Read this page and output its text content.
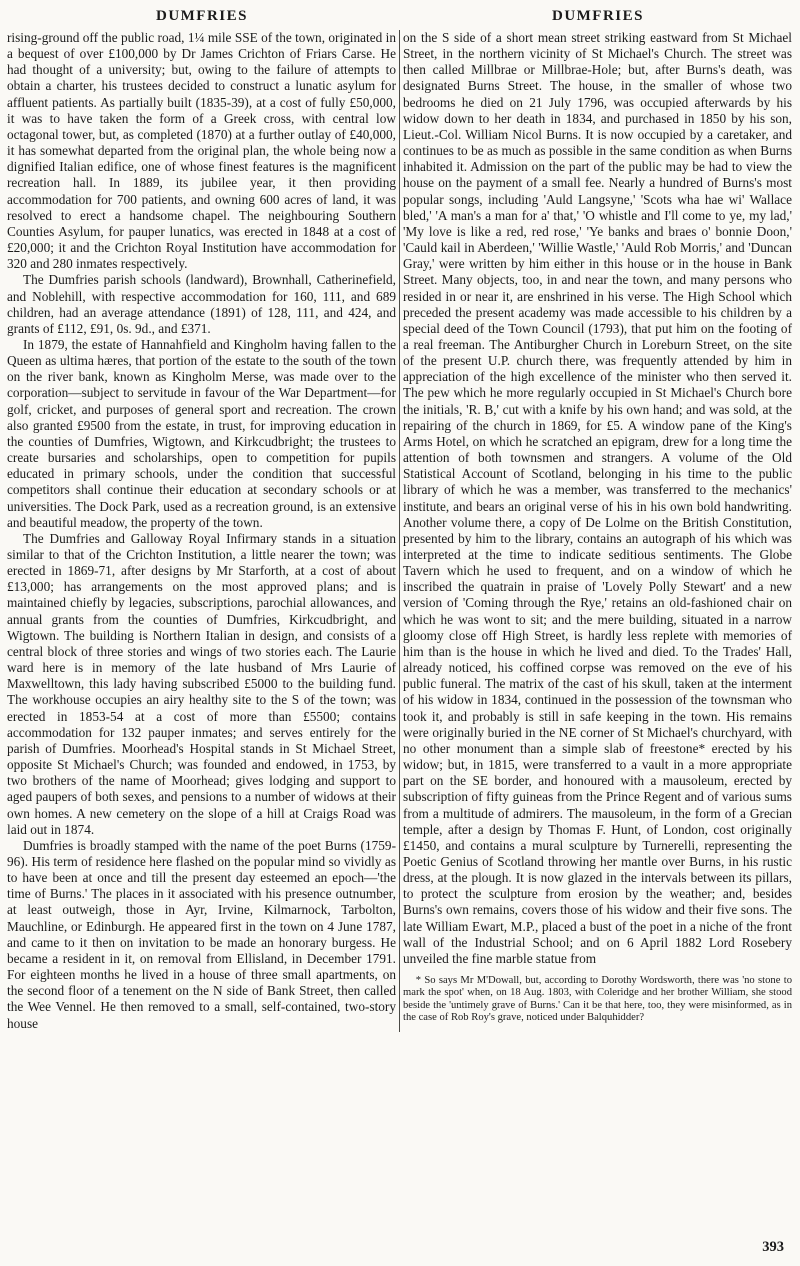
DUMFRIES	DUMFRIES

rising-ground off the public road, 1¼ mile SSE of the town, originated in a bequest of over £100,000 by Dr James Crichton of Friars Carse. He had thought of a university; but, owing to the failure of attempts to obtain a charter, his trustees decided to construct a lunatic asylum for affluent patients. As partially built (1835-39), at a cost of fully £50,000, it was to have taken the form of a Greek cross, with central low octagonal tower, but, as completed (1870) at a further outlay of £40,000, it has somewhat departed from the original plan, the whole being now a dignified Italian edifice, one of whose finest features is the magnificent recreation hall. In 1889, its jubilee year, it then providing accommodation for 700 patients, and owning 600 acres of land, it was resolved to erect a handsome chapel. The neighbouring Southern Counties Asylum, for pauper lunatics, was erected in 1848 at a cost of £20,000; it and the Crichton Royal Institution have accommodation for 320 and 280 inmates respectively.

The Dumfries parish schools (landward), Brownhall, Catherinefield, and Noblehill, with respective accommodation for 160, 111, and 689 children, had an average attendance (1891) of 128, 111, and 424, and grants of £112, £91, 0s. 9d., and £371.

In 1879, the estate of Hannahfield and Kingholm having fallen to the Queen as ultima hæres, that portion of the estate to the south of the town on the river bank, known as Kingholm Merse, was made over to the corporation—subject to servitude in favour of the War Department—for golf, cricket, and purposes of general sport and recreation. The crown also granted £9500 from the estate, in trust, for improving education in the counties of Dumfries, Wigtown, and Kirkcudbright; the trustees to create bursaries and scholarships, open to competition for pupils educated in primary schools, under the condition that successful competitors shall continue their education at secondary schools or at universities. The Dock Park, used as a recreation ground, is an extensive and beautiful meadow, the property of the town.

The Dumfries and Galloway Royal Infirmary stands in a situation similar to that of the Crichton Institution, a little nearer the town; was erected in 1869-71, after designs by Mr Starforth, at a cost of about £13,000; has arrangements on the most approved plans; and is maintained chiefly by legacies, subscriptions, parochial allowances, and annual grants from the counties of Dumfries, Kirkcudbright, and Wigtown. The building is Northern Italian in design, and consists of a central block of three stories and wings of two stories each. The Laurie ward here is in memory of the late husband of Mrs Laurie of Maxwelltown, this lady having subscribed £5000 to the building fund. The workhouse occupies an airy healthy site to the S of the town; was erected in 1853-54 at a cost of more than £5500; contains accommodation for 132 pauper inmates; and serves entirely for the parish of Dumfries. Moorhead's Hospital stands in St Michael Street, opposite St Michael's Church; was founded and endowed, in 1753, by two brothers of the name of Moorhead; gives lodging and support to aged paupers of both sexes, and pensions to a number of widows at their own homes. A new cemetery on the slope of a hill at Craigs Road was laid out in 1874.

Dumfries is broadly stamped with the name of the poet Burns (1759-96). His term of residence here flashed on the popular mind so vividly as to have been at once and till the present day esteemed an epoch—'the time of Burns.' The places in it associated with his presence outnumber, at least outweigh, those in Ayr, Irvine, Kilmarnock, Tarbolton, Mauchline, or Edinburgh. He appeared first in the town on 4 June 1787, and came to it then on invitation to be made an honorary burgess. He became a resident in it, on removal from Ellisland, in December 1791. For eighteen months he lived in a house of three small apartments, on the second floor of a tenement on the N side of Bank Street, then called the Wee Vennel. He then removed to a small, self-contained, two-story house

on the S side of a short mean street striking eastward from St Michael Street, in the northern vicinity of St Michael's Church. The street was then called Millbrae or Millbrae-Hole; but, after Burns's death, was designated Burns Street. The house, in the smaller of whose two bedrooms he died on 21 July 1796, was occupied afterwards by his widow down to her death in 1834, and purchased in 1850 by his son, Lieut.-Col. William Nicol Burns. It is now occupied by a caretaker, and continues to be as much as possible in the same condition as when Burns inhabited it. Admission on the part of the public may be had to view the house on the payment of a small fee. Nearly a hundred of Burns's most popular songs, including 'Auld Langsyne,' 'Scots wha hae wi' Wallace bled,' 'A man's a man for a' that,' 'O whistle and I'll come to ye, my lad,' 'My love is like a red, red rose,' 'Ye banks and braes o' bonnie Doon,' 'Cauld kail in Aberdeen,' 'Willie Wastle,' 'Auld Rob Morris,' and 'Duncan Gray,' were written by him either in this house or in the house in Bank Street. Many objects, too, in and near the town, and many persons who resided in or near it, are enshrined in his verse. The High School which preceded the present academy was made accessible to his children by a special deed of the Town Council (1793), that put him on the footing of a real freeman. The Antiburgher Church in Loreburn Street, on the site of the present U.P. church there, was frequently attended by him in appreciation of the high excellence of the minister who then served it. The pew which he more regularly occupied in St Michael's Church bore the initials, 'R. B,' cut with a knife by his own hand; and was sold, at the repairing of the church in 1869, for £5. A window pane of the King's Arms Hotel, on which he scratched an epigram, drew for a long time the attention of both townsmen and strangers. A volume of the Old Statistical Account of Scotland, belonging in his time to the public library of which he was a member, was transferred to the mechanics' institute, and bears an original verse of his in his own bold handwriting. Another volume there, a copy of De Lolme on the British Constitution, presented by him to the library, contains an autograph of his which was interpreted at the time to indicate seditious sentiments. The Globe Tavern which he used to frequent, and on a window of which he inscribed the quatrain in praise of 'Lovely Polly Stewart' and a new version of 'Coming through the Rye,' retains an old-fashioned chair on which he was wont to sit; and the mere building, situated in a narrow gloomy close off High Street, is hardly less replete with memories of him than is the house in which he lived and died. To the Trades' Hall, already noticed, his coffined corpse was removed on the eve of his public funeral. The matrix of the cast of his skull, taken at the interment of his widow in 1834, continued in the possession of the townsman who took it, and probably is still in safe keeping in the town. His remains were originally buried in the NE corner of St Michael's churchyard, with no other monument than a simple slab of freestone* erected by his widow; but, in 1815, were transferred to a vault in a more appropriate part on the SE border, and honoured with a mausoleum, erected by subscription of fifty guineas from the Prince Regent and of various sums from a multitude of admirers. The mausoleum, in the form of a Grecian temple, after a design by Thomas F. Hunt, of London, cost originally £1450, and contains a mural sculpture by Turnerelli, representing the Poetic Genius of Scotland throwing her mantle over Burns, in his rustic dress, at the plough. It is now glazed in the intervals between its pillars, to protect the sculpture from erosion by the weather; and, besides Burns's own remains, covers those of his widow and their five sons. The late William Ewart, M.P., placed a bust of the poet in a niche of the front wall of the Industrial School; and on 6 April 1882 Lord Rosebery unveiled the fine marble statue from

* So says Mr M'Dowall, but, according to Dorothy Wordsworth, there was 'no stone to mark the spot' when, on 18 Aug. 1803, with Coleridge and her brother William, she stood beside the 'untimely grave of Burns.' Can it be that here, too, they were misinformed, as in the case of Rob Roy's grave, noticed under Balquhidder?
393
